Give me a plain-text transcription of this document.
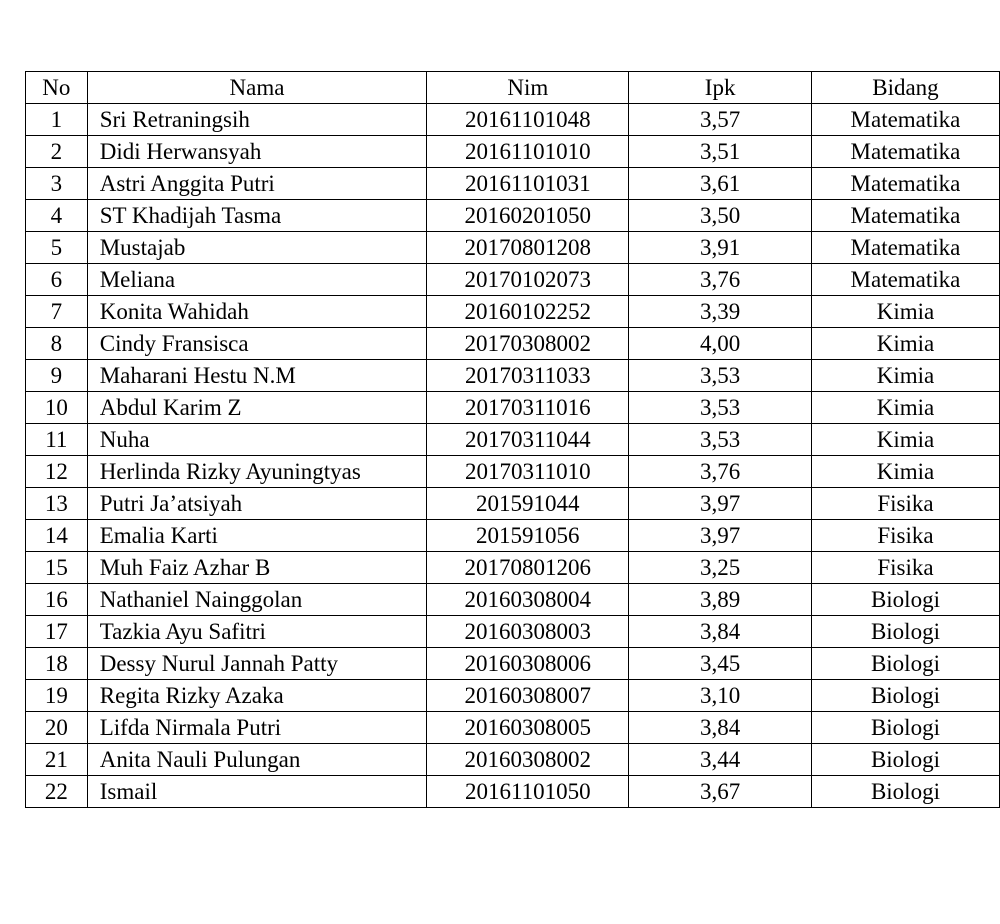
No	Nama	Nim	Ipk	Bidang
1	Sri Retraningsih	20161101048	3,57	Matematika
2	Didi Herwansyah	20161101010	3,51	Matematika
3	Astri Anggita Putri	20161101031	3,61	Matematika
4	ST Khadijah Tasma	20160201050	3,50	Matematika
5	Mustajab	20170801208	3,91	Matematika
6	Meliana	20170102073	3,76	Matematika
7	Konita Wahidah	20160102252	3,39	Kimia
8	Cindy Fransisca	20170308002	4,00	Kimia
9	Maharani Hestu N.M	20170311033	3,53	Kimia
10	Abdul Karim Z	20170311016	3,53	Kimia
11	Nuha	20170311044	3,53	Kimia
12	Herlinda Rizky Ayuningtyas	20170311010	3,76	Kimia
13	Putri Ja’atsiyah	201591044	3,97	Fisika
14	Emalia Karti	201591056	3,97	Fisika
15	Muh Faiz Azhar B	20170801206	3,25	Fisika
16	Nathaniel Nainggolan	20160308004	3,89	Biologi
17	Tazkia Ayu Safitri	20160308003	3,84	Biologi
18	Dessy Nurul Jannah Patty	20160308006	3,45	Biologi
19	Regita Rizky Azaka	20160308007	3,10	Biologi
20	Lifda Nirmala Putri	20160308005	3,84	Biologi
21	Anita Nauli Pulungan	20160308002	3,44	Biologi
22	Ismail	20161101050	3,67	Biologi
